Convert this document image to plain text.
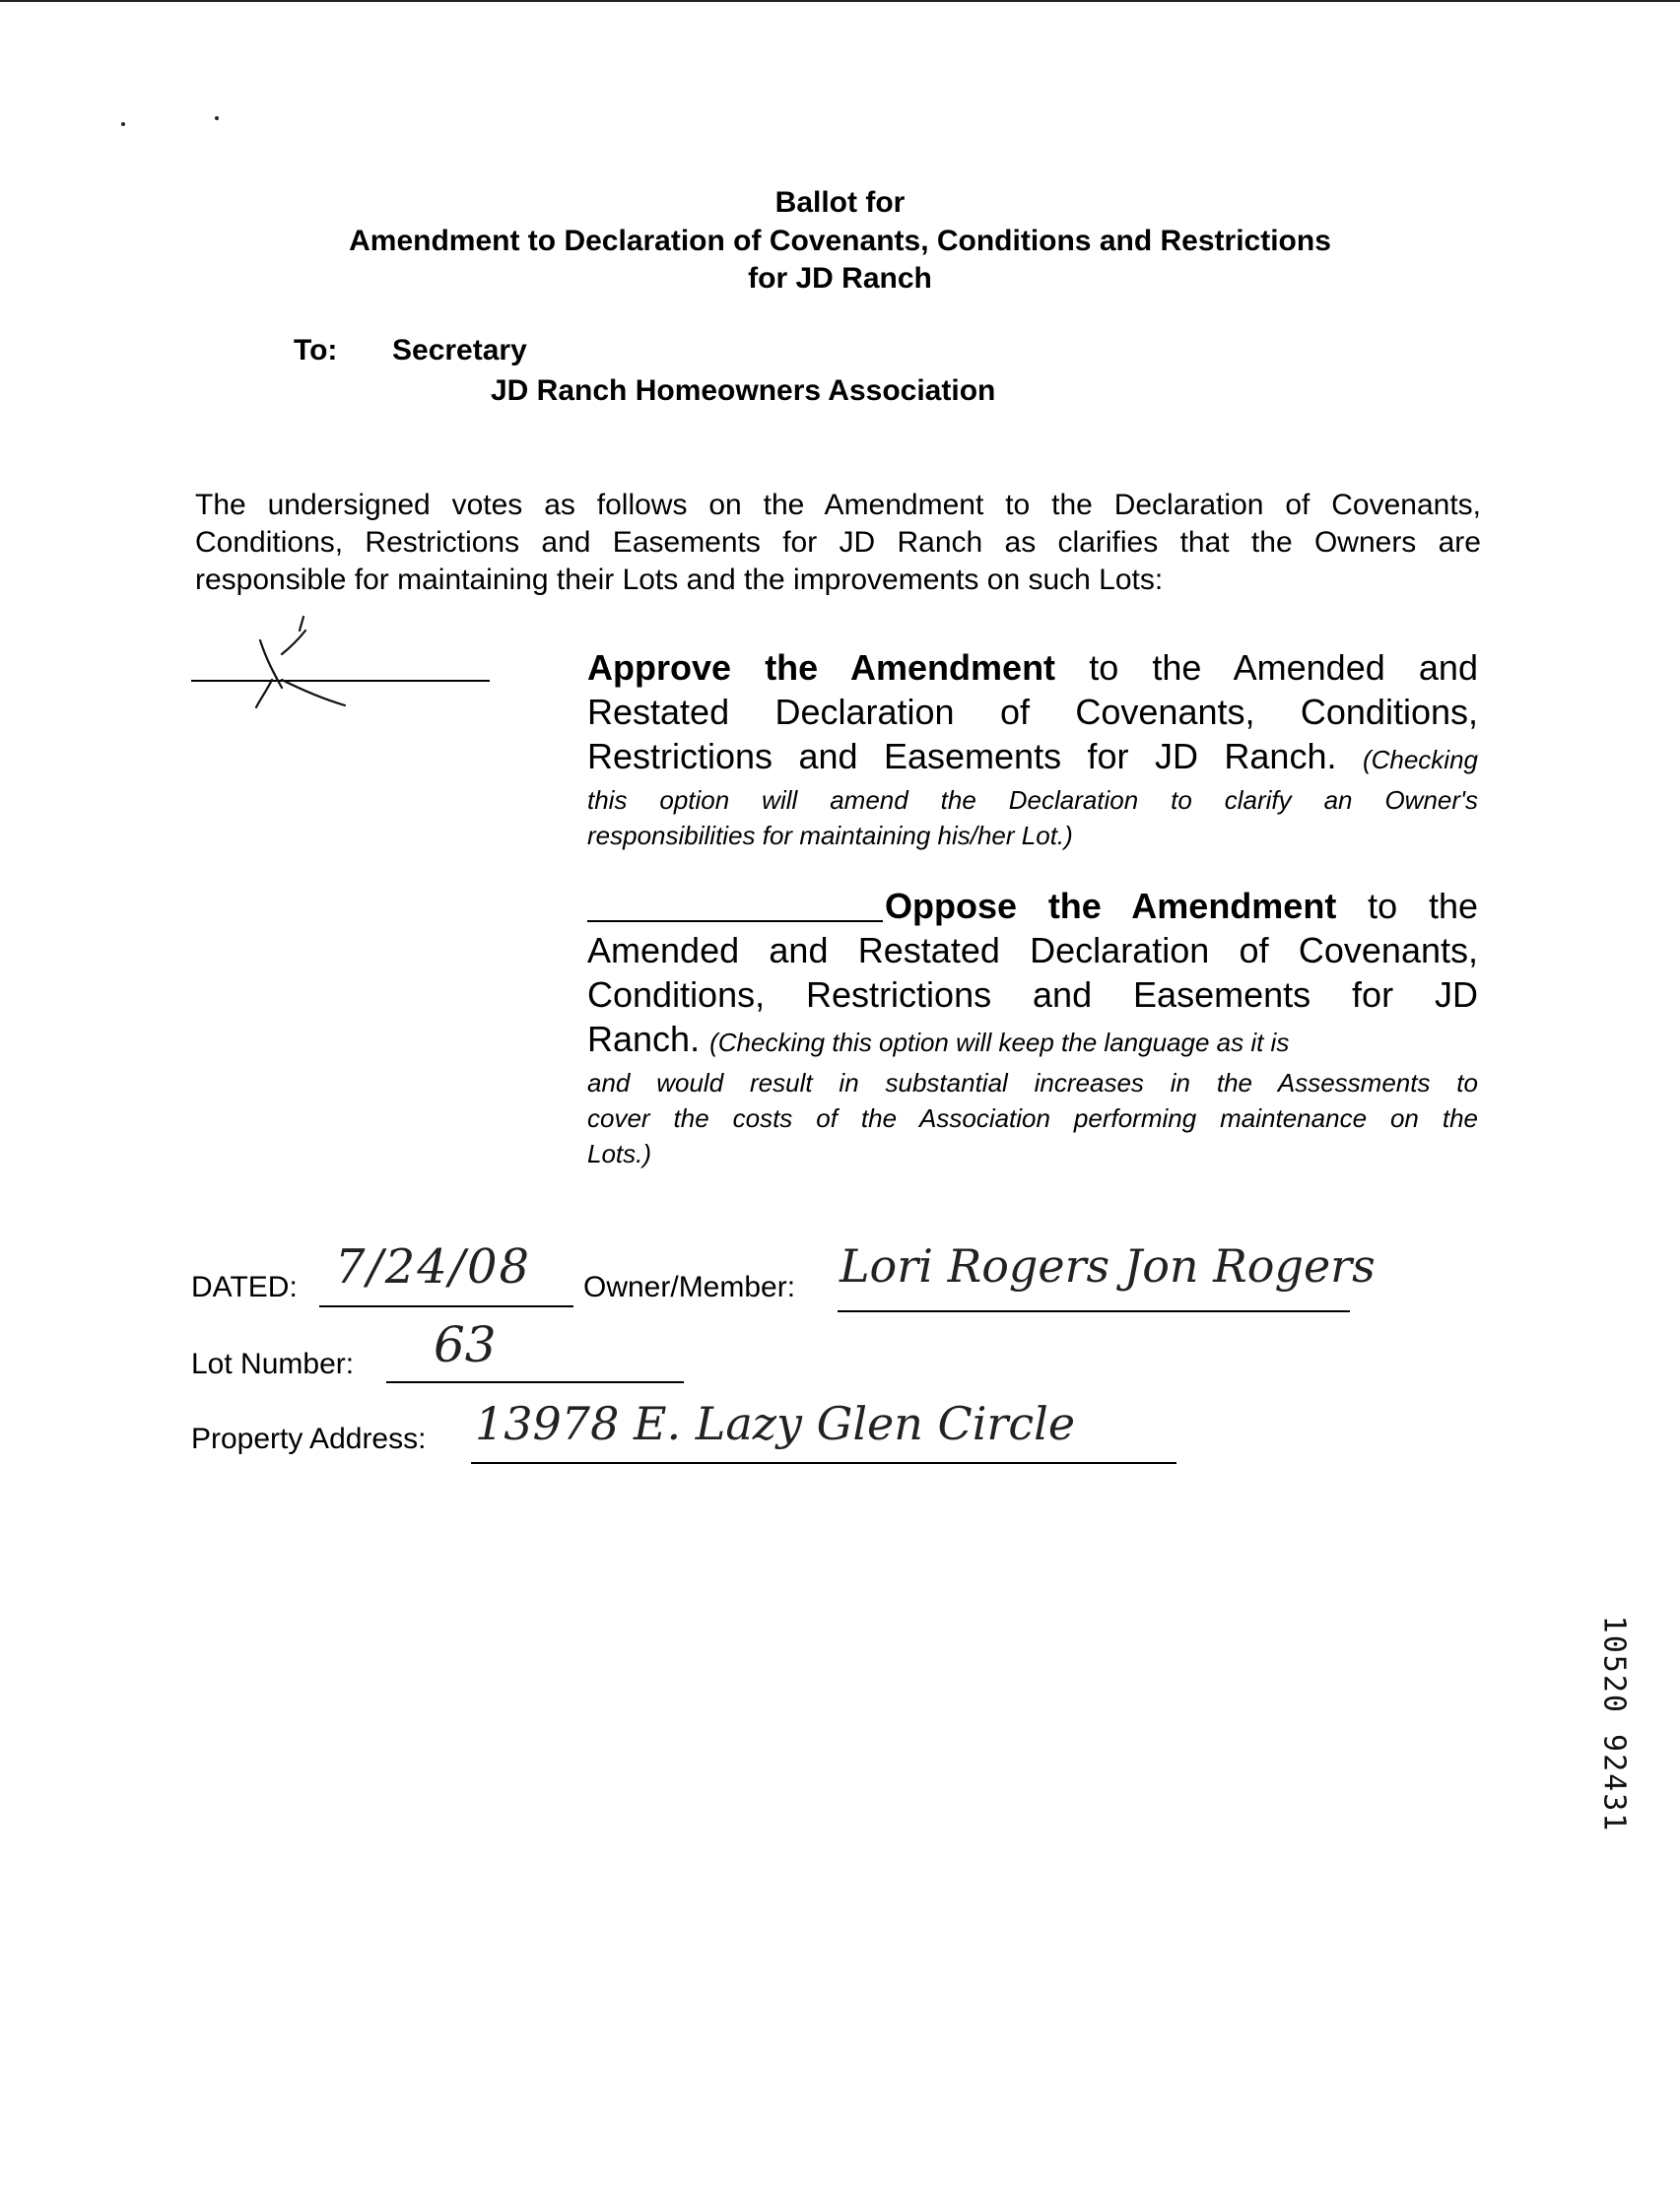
Ballot for
Amendment to Declaration of Covenants, Conditions and Restrictions
for JD Ranch
To: Secretary
JD Ranch Homeowners Association
The undersigned votes as follows on the Amendment to the Declaration of Covenants,
Conditions, Restrictions and Easements for JD Ranch as clarifies that the Owners are
responsible for maintaining their Lots and the improvements on such Lots:
Approve the Amendment to the Amended and
Restated Declaration of Covenants, Conditions,
Restrictions and Easements for JD Ranch. (Checking
this option will amend the Declaration to clarify an Owner's
responsibilities for maintaining his/her Lot.)
Oppose the Amendment to the
Amended and Restated Declaration of Covenants,
Conditions, Restrictions and Easements for JD
Ranch. (Checking this option will keep the language as it is
and would result in substantial increases in the Assessments to
cover the costs of the Association performing maintenance on the
Lots.)
DATED: 7/24/08 Owner/Member: Lori Rogers Jon Rogers
Lot Number: 63
Property Address: 13978 E. Lazy Glen Circle
10520 92431
